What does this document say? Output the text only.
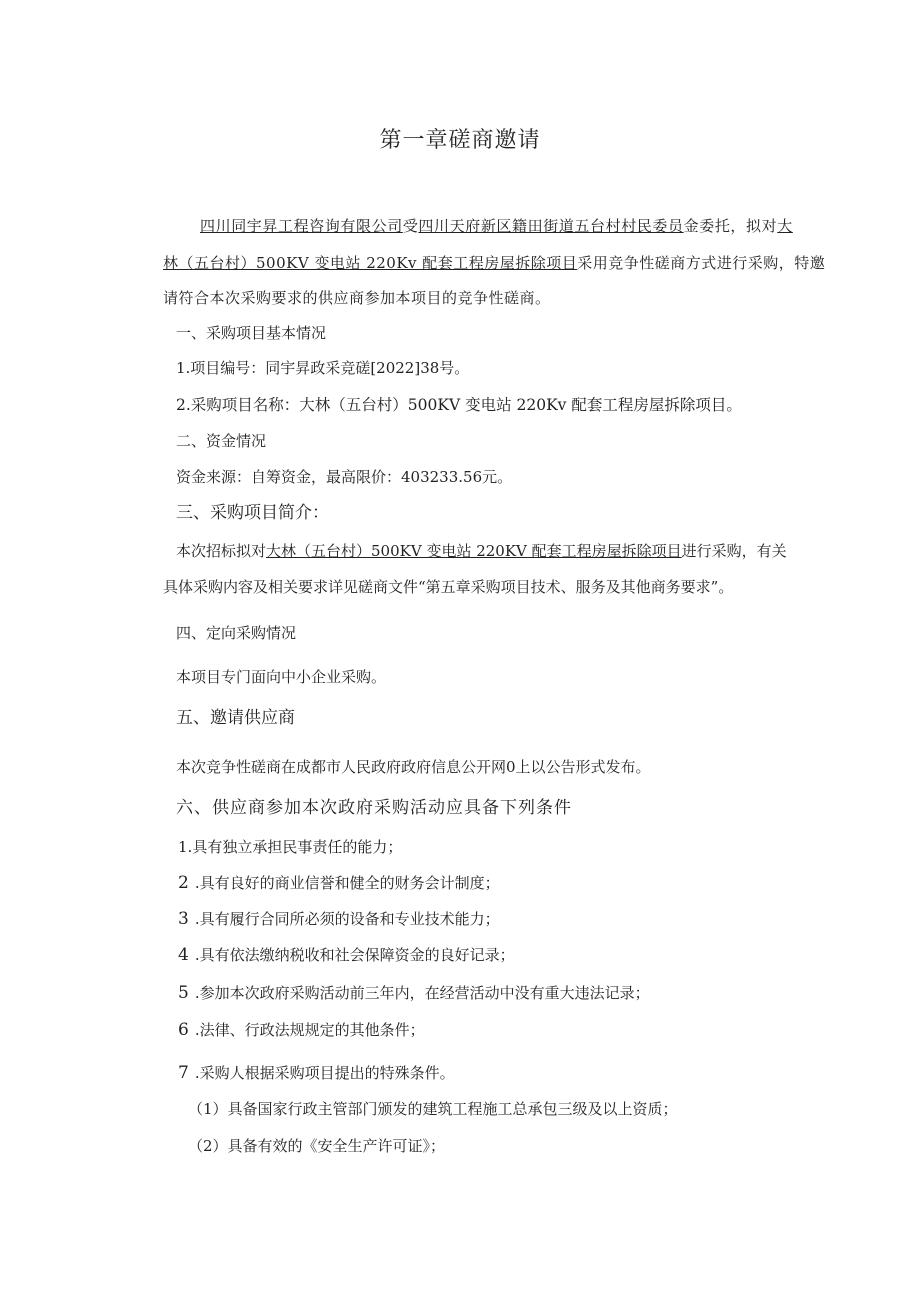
第一章磋商邀请
四川同宇昇工程咨询有限公司受四川天府新区籍田街道五台村村民委员金委托，拟对大
林（五台村）500KV 变电站 220Kv 配套工程房屋拆除项目采用竞争性磋商方式进行采购，特邀
请符合本次采购要求的供应商参加本项目的竞争性磋商。
一、采购项目基本情况
1.项目编号：同宇昇政采竞磋[2022]38号。
2.采购项目名称：大林（五台村）500KV 变电站 220Kv 配套工程房屋拆除项目。
二、资金情况
资金来源：自筹资金，最高限价：403233.56元。
三、采购项目简介：
本次招标拟对大林（五台村）500KV 变电站 220KV 配套工程房屋拆除项目进行采购，有关
具体采购内容及相关要求详见磋商文件“第五章采购项目技术、服务及其他商务要求”。
四、定向采购情况
本项目专门面向中小企业采购。
五、邀请供应商
本次竞争性磋商在成都市人民政府政府信息公开网0上以公告形式发布。
六、供应商参加本次政府采购活动应具备下列条件
1.具有独立承担民事责任的能力；
2.具有良好的商业信誉和健全的财务会计制度；
3.具有履行合同所必须的设备和专业技术能力；
4.具有依法缴纳税收和社会保障资金的良好记录；
5.参加本次政府采购活动前三年内，在经营活动中没有重大违法记录；
6.法律、行政法规规定的其他条件；
7.采购人根据采购项目提出的特殊条件。
（1）具备国家行政主管部门颁发的建筑工程施工总承包三级及以上资质；
（2）具备有效的《安全生产许可证》；
